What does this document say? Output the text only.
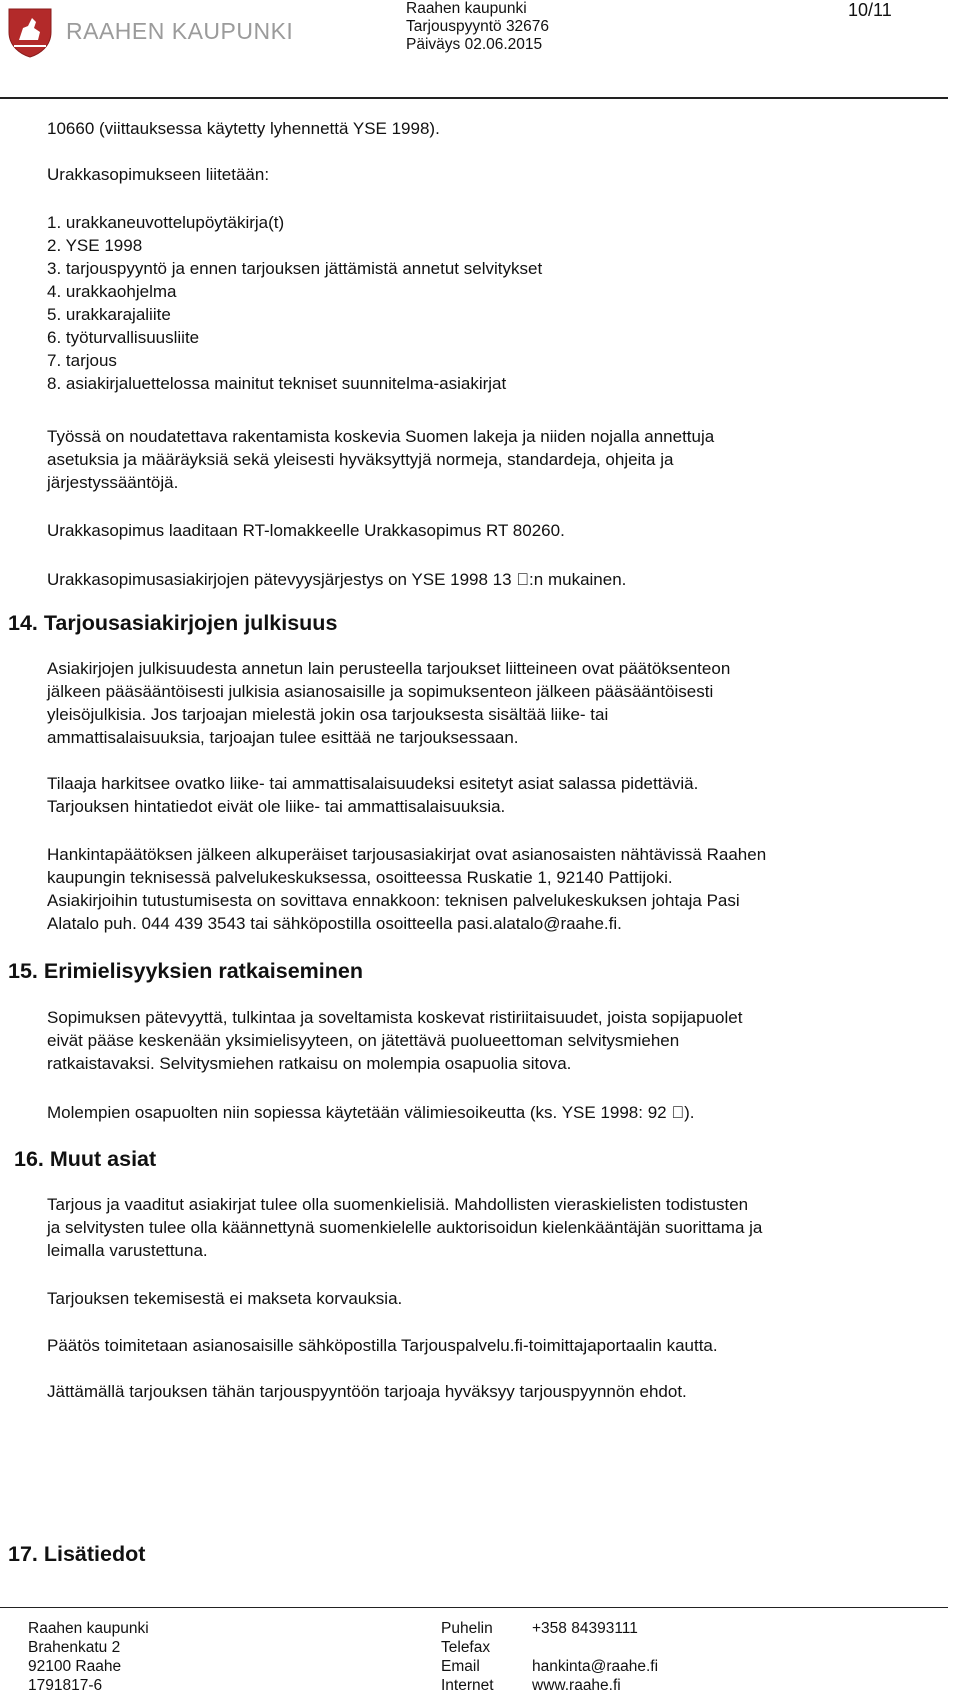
RAAHEN KAUPUNKI
Raahen kaupunki
Tarjouspyyntö 32676
Päiväys 02.06.2015
10/11
10660 (viittauksessa käytetty lyhennettä YSE 1998).
Urakkasopimukseen liitetään:
1. urakkaneuvottelupöytäkirja(t)
2. YSE 1998
3. tarjouspyyntö ja ennen tarjouksen jättämistä annetut selvitykset
4. urakkaohjelma
5. urakkarajaliite
6. työturvallisuusliite
7. tarjous
8. asiakirjaluettelossa mainitut tekniset suunnitelma-asiakirjat
Työssä on noudatettava rakentamista koskevia Suomen lakeja ja niiden nojalla annettuja
asetuksia ja määräyksiä sekä yleisesti hyväksyttyjä normeja, standardeja, ohjeita ja
järjestyssääntöjä.
Urakkasopimus laaditaan RT-lomakkeelle Urakkasopimus RT 80260.
Urakkasopimusasiakirjojen pätevyysjärjestys on YSE 1998 13 :n mukainen.
14. Tarjousasiakirjojen julkisuus
Asiakirjojen julkisuudesta annetun lain perusteella tarjoukset liitteineen ovat päätöksenteon
jälkeen pääsääntöisesti julkisia asianosaisille ja sopimuksenteon jälkeen pääsääntöisesti
yleisöjulkisia. Jos tarjoajan mielestä jokin osa tarjouksesta sisältää liike- tai
ammattisalaisuuksia, tarjoajan tulee esittää ne tarjouksessaan.
Tilaaja harkitsee ovatko liike- tai ammattisalaisuudeksi esitetyt asiat salassa pidettäviä.
Tarjouksen hintatiedot eivät ole liike- tai ammattisalaisuuksia.
Hankintapäätöksen jälkeen alkuperäiset tarjousasiakirjat ovat asianosaisten nähtävissä Raahen
kaupungin teknisessä palvelukeskuksessa, osoitteessa Ruskatie 1, 92140 Pattijoki.
Asiakirjoihin tutustumisesta on sovittava ennakkoon: teknisen palvelukeskuksen johtaja Pasi
Alatalo puh. 044 439 3543 tai sähköpostilla osoitteella pasi.alatalo@raahe.fi.
15. Erimielisyyksien ratkaiseminen
Sopimuksen pätevyyttä, tulkintaa ja soveltamista koskevat ristiriitaisuudet, joista sopijapuolet
eivät pääse keskenään yksimielisyyteen, on jätettävä puolueettoman selvitysmiehen
ratkaistavaksi. Selvitysmiehen ratkaisu on molempia osapuolia sitova.
Molempien osapuolten niin sopiessa käytetään välimiesoikeutta (ks. YSE 1998: 92 ).
16. Muut asiat
Tarjous ja vaaditut asiakirjat tulee olla suomenkielisiä. Mahdollisten vieraskielisten todistusten
ja selvitysten tulee olla käännettynä suomenkielelle auktorisoidun kielenkääntäjän suorittama ja
leimalla varustettuna.
Tarjouksen tekemisestä ei makseta korvauksia.
Päätös toimitetaan asianosaisille sähköpostilla Tarjouspalvelu.fi-toimittajaportaalin kautta.
Jättämällä tarjouksen tähän tarjouspyyntöön tarjoaja hyväksyy tarjouspyynnön ehdot.
17. Lisätiedot
Raahen kaupunki
Brahenkatu 2
92100 Raahe
1791817-6
Puhelin
Telefax
Email
Internet
+358 84393111
hankinta@raahe.fi
www.raahe.fi
